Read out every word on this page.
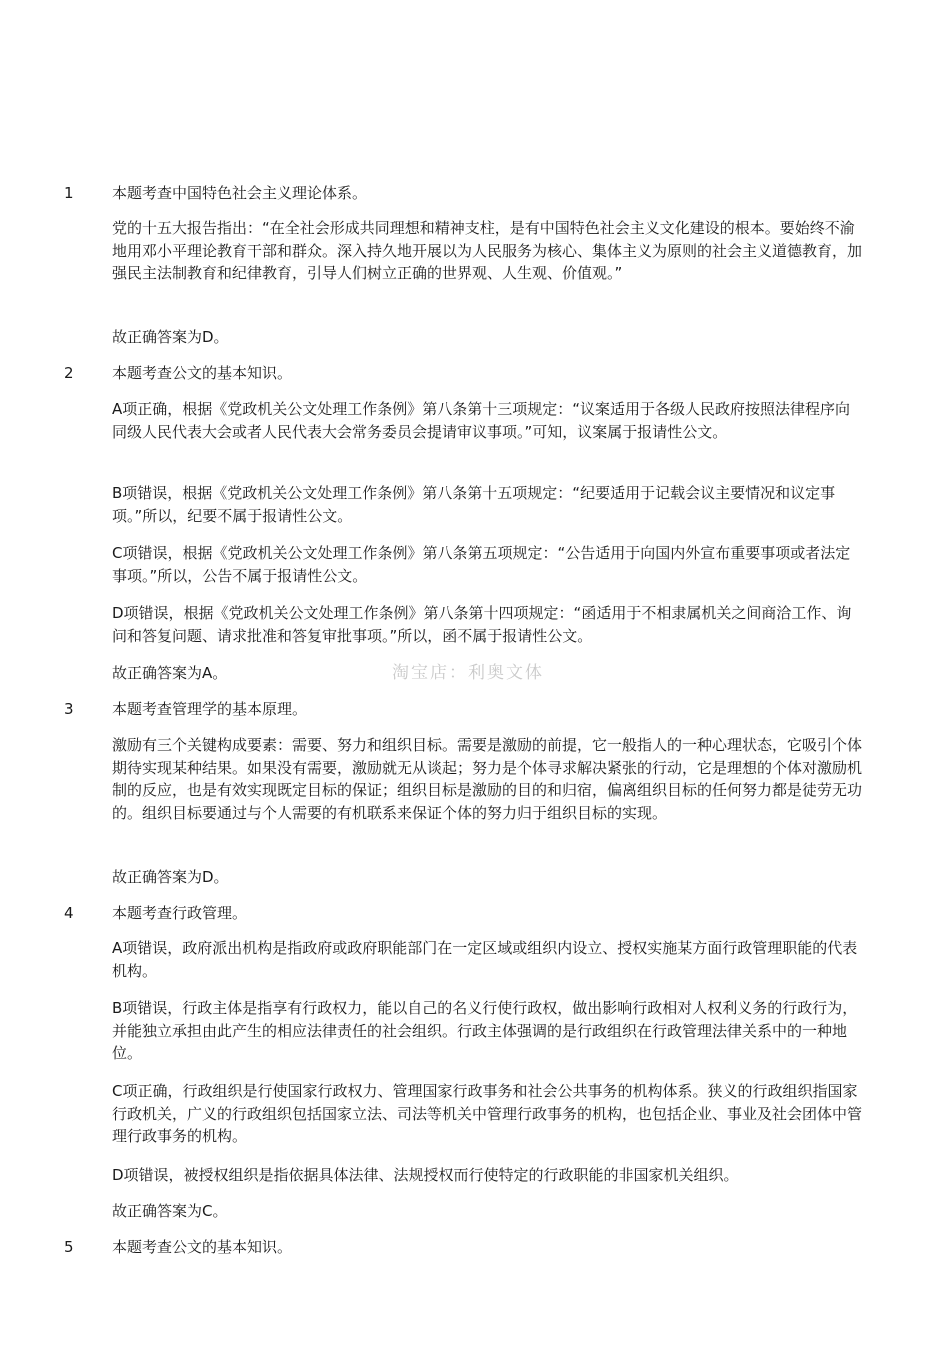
1	本题考查中国特色社会主义理论体系。
党的十五大报告指出：“在全社会形成共同理想和精神支柱，是有中国特色社会主义文化建设的根本。要始终不渝地用邓小平理论教育干部和群众。深入持久地开展以为人民服务为核心、集体主义为原则的社会主义道德教育，加强民主法制教育和纪律教育，引导人们树立正确的世界观、人生观、价值观。”
故正确答案为D。
2	本题考查公文的基本知识。
A项正确，根据《党政机关公文处理工作条例》第八条第十三项规定：“议案适用于各级人民政府按照法律程序向同级人民代表大会或者人民代表大会常务委员会提请审议事项。”可知，议案属于报请性公文。
B项错误，根据《党政机关公文处理工作条例》第八条第十五项规定：“纪要适用于记载会议主要情况和议定事项。”所以，纪要不属于报请性公文。
C项错误，根据《党政机关公文处理工作条例》第八条第五项规定：“公告适用于向国内外宣布重要事项或者法定事项。”所以，公告不属于报请性公文。
D项错误，根据《党政机关公文处理工作条例》第八条第十四项规定：“函适用于不相隶属机关之间商洽工作、询问和答复问题、请求批准和答复审批事项。”所以，函不属于报请性公文。
故正确答案为A。	淘宝店：利奥文体
3	本题考查管理学的基本原理。
激励有三个关键构成要素：需要、努力和组织目标。需要是激励的前提，它一般指人的一种心理状态，它吸引个体期待实现某种结果。如果没有需要，激励就无从谈起；努力是个体寻求解决紧张的行动，它是理想的个体对激励机制的反应，也是有效实现既定目标的保证；组织目标是激励的目的和归宿，偏离组织目标的任何努力都是徒劳无功的。组织目标要通过与个人需要的有机联系来保证个体的努力归于组织目标的实现。
故正确答案为D。
4	本题考查行政管理。
A项错误，政府派出机构是指政府或政府职能部门在一定区域或组织内设立、授权实施某方面行政管理职能的代表机构。
B项错误，行政主体是指享有行政权力，能以自己的名义行使行政权，做出影响行政相对人权利义务的行政行为，并能独立承担由此产生的相应法律责任的社会组织。行政主体强调的是行政组织在行政管理法律关系中的一种地位。
C项正确，行政组织是行使国家行政权力、管理国家行政事务和社会公共事务的机构体系。狭义的行政组织指国家行政机关，广义的行政组织包括国家立法、司法等机关中管理行政事务的机构，也包括企业、事业及社会团体中管理行政事务的机构。
D项错误，被授权组织是指依据具体法律、法规授权而行使特定的行政职能的非国家机关组织。
故正确答案为C。
5	本题考查公文的基本知识。
